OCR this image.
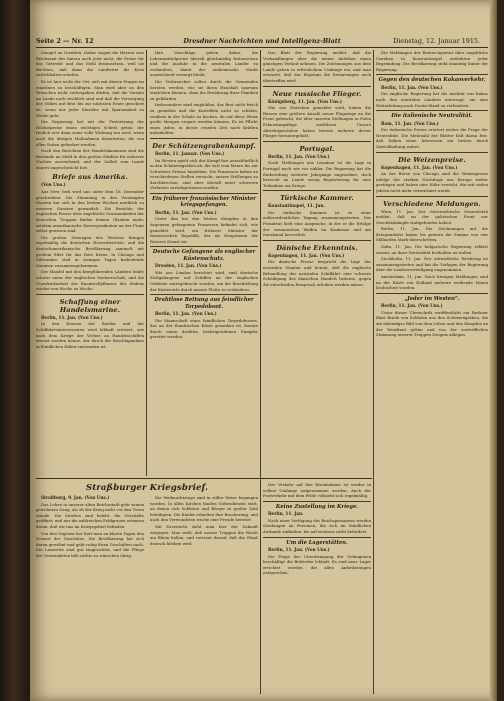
Seite 2 — Nr. 12	Dresdner Nachrichten und Intelligenz-Blatt	Dienstag, 12. Januar 1915.

Mangel an Vorräten. Daher wagen die Herren vom Reichsamt des Innern auch jetzt nicht, die Preise für das Getreide und das Mehl festzusetzen, weil sie fürchten, daß dann die Landwirte ihr Korn zurückhalten würden.

Es ist hier nicht der Ort, sich mit diesen Fragen im einzelnen zu beschäftigen. Man wird aber an den Tatsachen nicht vorbeigehen dürfen, daß die Vorräte im Lande noch reichlich sind und daß die Versorgung des Volkes mit Brot bis zur nächsten Ernte gesichert ist, wenn nur jeder Einzelne mit Sparsamkeit zu Werke geht.

Die Regierung hat mit der Festsetzung der Höchstpreise einen wichtigen Schritt getan, der freilich erst dann seine volle Wirkung tun wird, wenn auch die übrigen Maßnahmen hinzutreten, die von allen Seiten gefordert werden.

Nach den Berichten der Handelskammern sind die Bestände an Mehl in den großen Städten für mehrere Wochen ausreichend, und der Zufluß vom Lande dauert ungeschwächt fort.

Briefe aus Amerika.

(Von Uns.)

Aus New York wird uns unter dem 18. Dezember geschrieben: Die Stimmung in den Vereinigten Staaten hat sich in den letzten Wochen merklich zu unseren Gunsten gewandelt. Die Berichte der englischen Presse über angebliche Grausamkeiten der deutschen Truppen finden keinen Glauben mehr, seitdem amerikanische Korrespondenten an der Front selbst gewesen sind.

Die großen Zeitungen des Westens bringen regelmäßig die deutschen Heeresberichte, und die deutschamerikanische Bevölkerung sammelt mit großem Eifer für das Rote Kreuz. In Chicago und Milwaukee sind in wenigen Tagen bedeutende Summen zusammengekommen.

Der Handel mit den kriegführenden Ländern leidet schwer unter der englischen Seeherrschaft, und die Unzufriedenheit der Baumwollpflanzer des Südens wächst von Woche zu Woche.

Schaffung einer Handelsmarine.

Berlin, 11. Jan. (Von Uns.)

In den Kreisen der Reeder und der Schiffahrtsinteressenten wird lebhaft erörtert, wie nach dem Kriege der Verlust an Handelsschiffen ersetzt werden könne, der durch die Beschlagnahme in feindlichen Häfen entstanden ist.

Ihre Vorschläge gehen dahin, die Lebensmittelpreise überall gleichmäßig festzusetzen und die Ausfuhr in die neutralen Länder zu verhindern, damit der einheimische Markt ausreichend versorgt bleibt.

Die Verbraucher sollen durch die Gemeinden beraten werden, wie sie ihren Haushalt sparsam einrichten können, ohne die Ernährung ihrer Familien zu gefährden.

Insbesondere wird empfohlen, das Brot nicht frisch zu genießen und die Kartoffeln nicht zu schälen, sondern in der Schale zu kochen, da auf diese Weise große Mengen erspart werden können. Es ist Pflicht eines jeden, in dieser ernsten Zeit nach Kräften mitzuhelfen.

Der Schützengrabenkampf.

Berlin, 11. Januar. (Von Uns.)

Im Westen spielt sich der Kampf fast ausschließlich in den Schützengräben ab, die sich vom Meere bis zur Schweizer Grenze hinziehen. Die Franzosen haben an verschiedenen Stellen versucht, unsere Stellungen zu durchbrechen, sind aber überall unter schweren Verlusten zurückgewiesen worden.

Ein früherer französischer Minister kriegsgefangen.

Berlin, 11. Jan. (Von Uns.)

Unter den bei den letzten Kämpfen in den Argonnen gefangenen Franzosen befindet sich, wie gemeldet wird, ein früherer Minister der französischen Republik, der als Hauptmann der Reserve Dienst tat.

Deutsche Gefangene als englischer Küstenschutz.

Dresden, 11. Jan. (Von Uns.)

Wie aus London berichtet wird, sind deutsche Zivilgefangene auf Schiffen an der englischen Ostküste untergebracht worden, um die Beschießung der Küstenorte durch unsere Flotte zu verhindern.

Drahtlose Rettung aus feindlicher Torpedoboot.

Berlin, 11. Jan. (Von Uns.)

Die Mannschaft eines feindlichen Torpedobootes, das an der flandrischen Küste gesunken ist, konnte durch einen drahtlos herbeigerufenen Dampfer gerettet werden.

Das Blatt der Regierung meldet, daß die Verhandlungen über die neuen Anleihen einen günstigen Verlauf nehmen. Die Zeichnungen aus dem Lande gehen in erfreulichem Umfange ein, und man erwartet, daß das Ergebnis die Erwartungen noch übertreffen wird.

Neue russische Flieger.

Königsberg, 11. Jan. (Von Uns.)

Wie aus Warschau gemeldet wird, haben die Russen eine größere Anzahl neuer Flugzeuge an die Front gebracht, die über unseren Stellungen in Polen Erkundungsflüge ausführen. Unsere Abwehrgeschütze haben bereits mehrere dieser Flieger heruntergeholt.

Portugal.

Berlin, 11. Jan. (Von Uns.)

Nach Meldungen aus Lissabon ist die Lage in Portugal nach wie vor unklar. Die Regierung hat die Einberufung weiterer Jahrgänge angeordnet, doch herrscht im Lande wenig Begeisterung für eine Teilnahme am Kriege.

Türkische Kammer.

Konstantinopel, 11. Jan.

Die türkische Kammer ist zu einer außerordentlichen Tagung zusammengetreten. Der Präsident hielt eine Ansprache, in der er die Erfolge der osmanischen Waffen im Kaukasus und am Suezkanal hervorhob.

Dänische Erkenntnis.

Kopenhagen, 11. Jan. (Von Uns.)

Die dänische Presse bespricht die Lage der neutralen Staaten und betont, daß die englische Behandlung der neutralen Schiffahrt eine schwere Schädigung des dänischen Handels bedeute, gegen die entschieden Einspruch erhoben werden müsse.

Die Meldungen der Reuter-Agentur über angebliche Unruhen in Konstantinopel entbehren jeder Begründung. Die Bevölkerung steht einmütig hinter der Regierung.

Gegen den deutschen Kakaoverkehr.

Berlin, 11. Jan. (Von Uns.)

Die englische Regierung hat die Ausfuhr von Kakao nach den neutralen Ländern untersagt, um eine Weiterleitung nach Deutschland zu verhindern.

Die italienische Neutralität.

Rom, 11. Jan. (Von Uns.)

Die italienische Presse erörtert weiter die Frage der Neutralität. Die Mehrzahl der Blätter hält daran fest, daß Italien seine Interessen am besten durch Zurückhaltung wahre.

Die Weizenpreise.

Kopenhagen, 11. Jan. (Von Uns.)

An der Börse von Chicago sind die Weizenpreise infolge der starken Nachfrage aus Europa weiter gestiegen und haben eine Höhe erreicht, die seit vielen Jahren nicht mehr verzeichnet wurde.

Verschiedene Meldungen.

Wien, 11. Jan. Der österreichische Generalstab meldet, daß an der galizischen Front nur Geschützkämpfe stattgefunden haben.

Berlin, 11. Jan. Die Zeichnungen auf die Kriegsanleihe haben bis gestern die Summe von vier Milliarden Mark überschritten.

Sofia, 11. Jan. Die bulgarische Regierung erklärt erneut, an ihrer Neutralität festhalten zu wollen.

Stockholm, 11. Jan. Der schwedische Reichstag ist zusammengetreten und hat die Vorlagen der Regierung über die Landesverteidigung angenommen.

Amsterdam, 11. Jan. Nach hiesigen Meldungen sind an der Küste von Holland mehrere treibende Minen beobachtet worden.

„Jeder im Westen“.

Berlin, 11. Jan. (Von Uns.)

Unter dieser Überschrift veröffentlicht ein Berliner Blatt Briefe von Soldaten aus den Schützengräben, die ein lebendiges Bild von dem Leben und den Kämpfen an der Westfront geben und von der vortrefflichen Stimmung unserer Truppen Zeugnis ablegen.

Straßburger Kriegsbrief.

Straßburg, 9. Jan. (Von Uns.)

Das Leben in unserer alten Reichsstadt geht seinen gewohnten Gang, als ob der Krieg nicht vor den Toren stünde. Die Straßen sind belebt, die Geschäfte geöffnet, und nur die zahlreichen Feldgrauen erinnern daran, daß wir uns im Kriegsgebiet befinden.

Von den Vogesen her hört man an klaren Tagen den Donner der Geschütze. Die Bevölkerung hat sich daran gewöhnt und geht ruhig ihren Geschäften nach. Die Lazarette sind gut eingerichtet, und die Pflege der Verwundeten läßt nichts zu wünschen übrig.

Die Weihnachtstage sind in stiller Weise begangen worden. In allen Kirchen fanden Gottesdienste statt, an denen sich Soldaten und Bürger in großer Zahl beteiligten. Die Kinder erhielten ihre Bescherung, und auch den Verwundeten wurde eine Freude bereitet.

Mit Zuversicht sieht man hier der Zukunft entgegen. Man weiß, daß unsere Truppen die Wacht am Rhein halten, und vertraut darauf, daß das Elsaß deutsch bleiben wird.

Der Verkehr auf den Eisenbahnen ist wieder in vollem Umfange aufgenommen worden. Auch der Postverkehr mit dem Felde vollzieht sich regelmäßig.

Keine Zustellung im Kriege.

Berlin, 11. Jan.

Nach einer Verfügung des Reichspostamtes werden Sendungen an Personen, die sich im feindlichen Auslande aufhalten, bis auf weiteres nicht befördert.

Um die Lagerstätten.

Berlin, 11. Jan. (Von Uns.)

Die Frage der Unterbringung der Gefangenen beschäftigt die Behörden lebhaft. Es sind neue Lager errichtet worden, die allen Anforderungen entsprechen.
